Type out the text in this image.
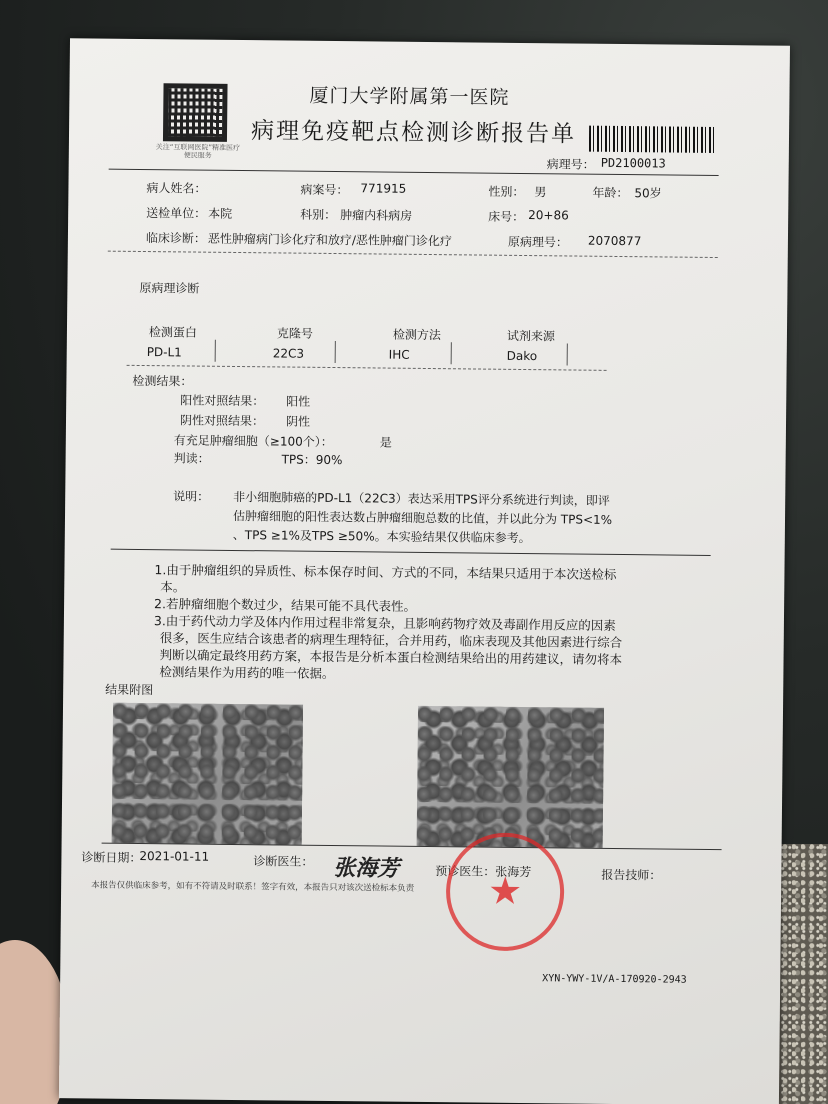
关注“互联网医院”精准医疗 便民服务
厦门大学附属第一医院
病理免疫靶点检测诊断报告单
病理号： PD2100013
病人姓名：	病案号： 771915	性别： 男	年龄： 50岁
送检单位： 本院	科别： 肿瘤内科病房	床号： 20+86
临床诊断： 恶性肿瘤病门诊化疗和放疗/恶性肿瘤门诊化疗	原病理号： 2070877
原病理诊断
检测蛋白	克隆号	检测方法	试剂来源
PD-L1	22C3	IHC	Dako
检测结果：
阳性对照结果： 阳性
阴性对照结果： 阴性
有充足肿瘤细胞（≥100个）：	是
判读：	TPS：90%
说明： 非小细胞肺癌的PD-L1（22C3）表达采用TPS评分系统进行判读，即评
估肿瘤细胞的阳性表达数占肿瘤细胞总数的比值，并以此分为 TPS<1%
、TPS ≥1%及TPS ≥50%。本实验结果仅供临床参考。
1.由于肿瘤组织的异质性、标本保存时间、方式的不同，本结果只适用于本次送检标
本。
2.若肿瘤细胞个数过少，结果可能不具代表性。
3.由于药代动力学及体内作用过程非常复杂，且影响药物疗效及毒副作用反应的因素
很多，医生应结合该患者的病理生理特征，合并用药，临床表现及其他因素进行综合
判断以确定最终用药方案，本报告是分析本蛋白检测结果给出的用药建议，请勿将本
检测结果作为用药的唯一依据。
结果附图
诊断日期：
2021-01-11	诊断医生： 张海芳	预诊医生：张海芳	报告技师：
本报告仅供临床参考，如有不符请及时联系！签字有效，本报告只对该次送检标本负责 ★
XYN-YWY-1V/A-170920-2943
